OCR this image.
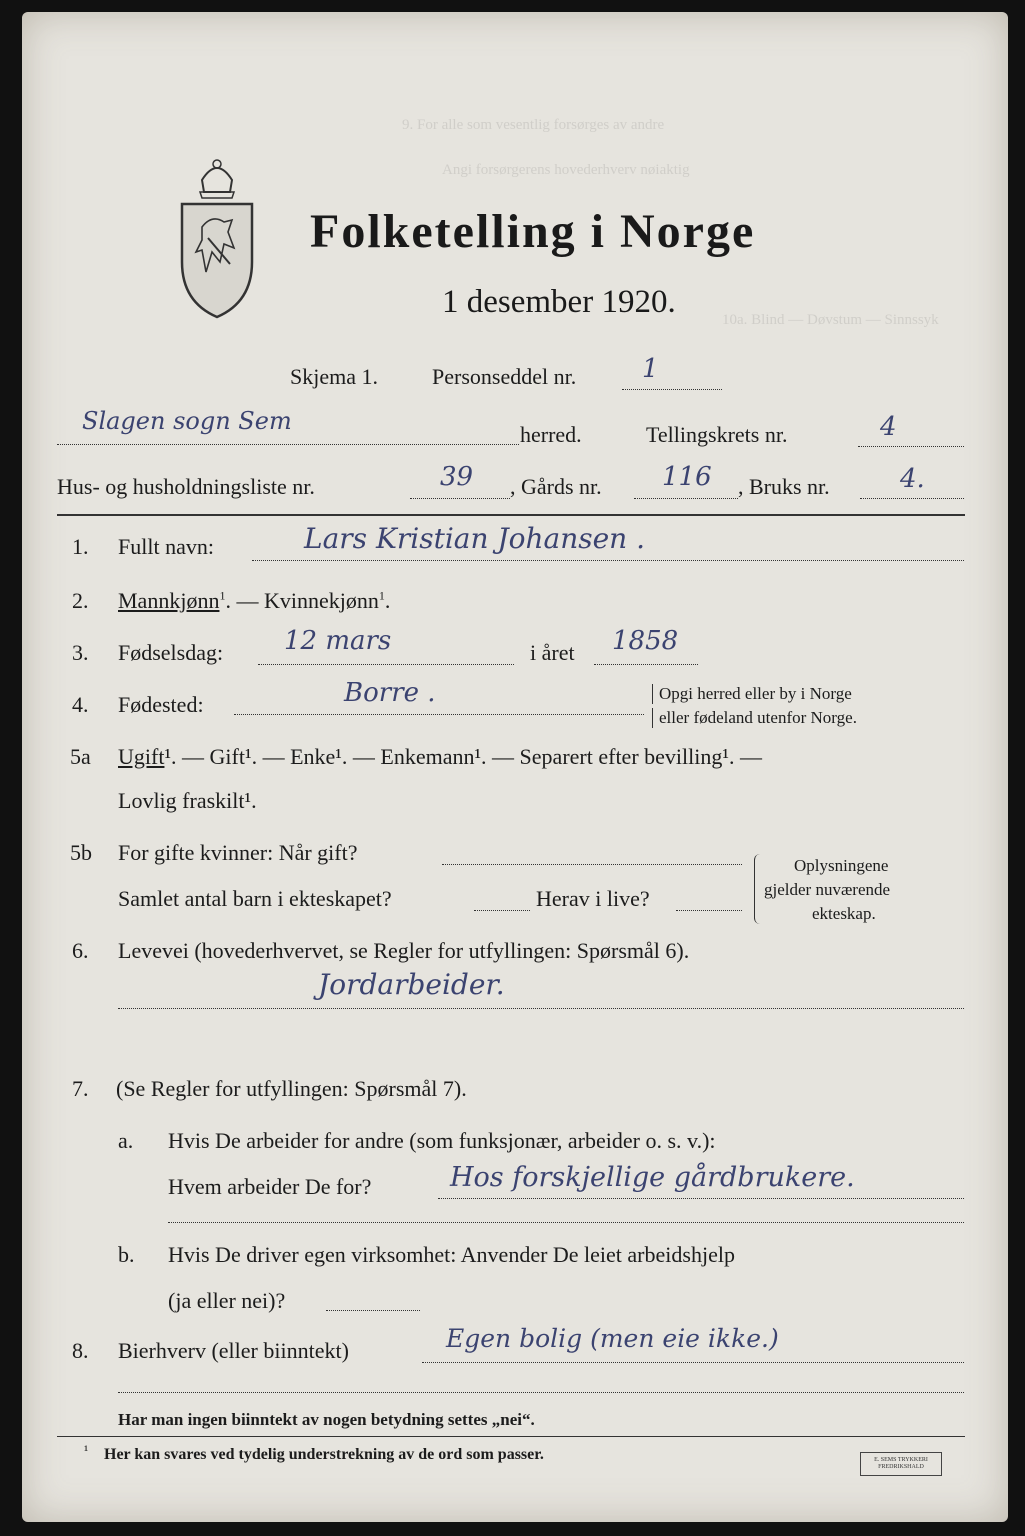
9. For alle som vesentlig forsørges av andre
Angi forsørgerens hovederhverv nøiaktig
10a. Blind — Døvstum — Sinnssyk
Folketelling i Norge
1 desember 1920.
Skjema 1. Personseddel nr.	1
Slagen sogn Sem	herred.	Tellingskrets nr.	4
Hus- og husholdningsliste nr.	39 , Gårds nr. 116 , Bruks nr.	4.
1. Fullt navn:	Lars Kristian Johansen .
2. Mannkjønn$^1$. — Kvinnekjønn$^1$.
3. Fødselsdag: 12 mars	i året 1858
4. Fødested:	Borre .	Opgi herred eller by i Norge
eller fødeland utenfor Norge.
5a Ugift¹. — Gift¹. — Enke¹. — Enkemann¹. — Separert efter bevilling¹. —
Lovlig fraskilt¹.
5b For gifte kvinner: Når gift?
Samlet antal barn i ekteskapet?	Herav i live?
Oplysningene
gjelder nuværende
ekteskap.
6. Levevei (hovederhvervet, se Regler for utfyllingen: Spørsmål 6).
Jordarbeider.
7. (Se Regler for utfyllingen: Spørsmål 7).
a. Hvis De arbeider for andre (som funksjonær, arbeider o. s. v.):
Hvem arbeider De for?	Hos forskjellige gårdbrukere.
b. Hvis De driver egen virksomhet: Anvender De leiet arbeidshjelp
(ja eller nei)?
8. Bierhverv (eller biinntekt)	Egen bolig (men eie ikke.)
Har man ingen biinntekt av nogen betydning settes „nei“.
¹ Her kan svares ved tydelig understrekning av de ord som passer.	E. SEMS TRYKKERI FREDRIKSHALD
